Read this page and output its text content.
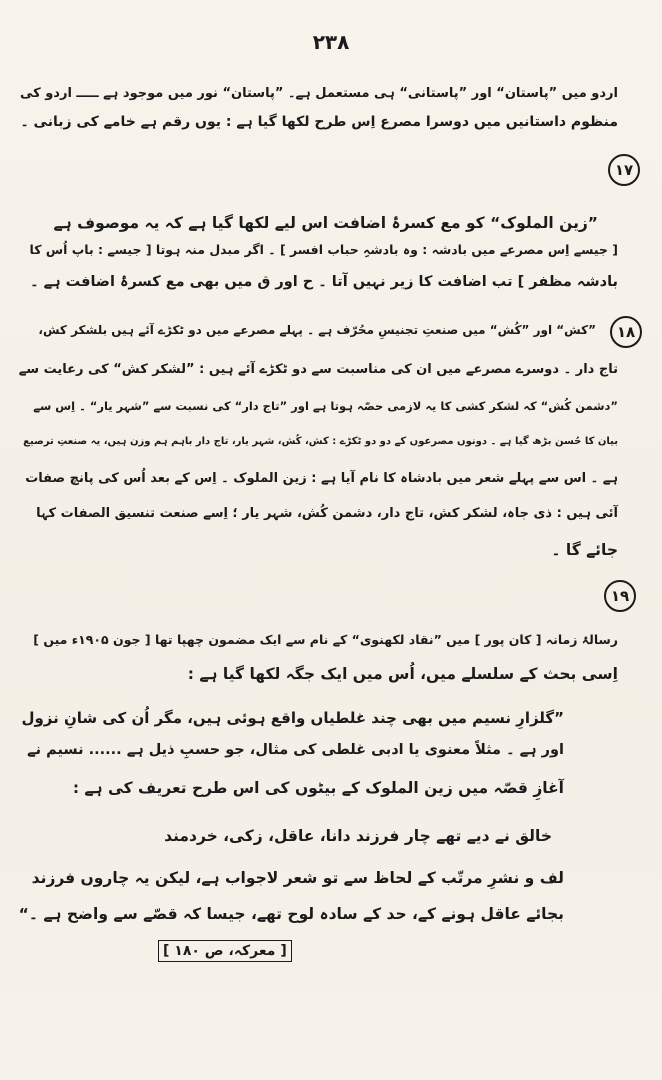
۲۳۸
اردو میں ”پاستان“ اور ”پاستانی“ ہی مستعمل ہے۔ ”پاستان“ نور میں موجود ہے ـــــ اردو کی
منظوم داستانیں میں دوسرا مصرع اِس طرح لکھا گیا ہے : یوں رقم ہے خامے کی زبانی ۔
۱۷
”زین الملوک“ کو مع کسرۂ اضافت اس لیے لکھا گیا ہے کہ یہ موصوف ہے
[ جیسے اِس مصرعے میں بادشہ : وہ بادشہِ حباب افسر ] ۔ اگر مبدل منہ ہوتا [ جیسے : باپ اُس کا
بادشہ مظفر ] تب اضافت کا زیر نہیں آتا ۔ ح اور ق میں بھی مع کسرۂ اضافت ہے ۔
۱۸
”کش“ اور ”کُش“ میں صنعتِ تجنیسِ محُرّف ہے ۔ پہلے مصرعے میں دو ٹکڑے آئے ہیں بلشکر کش،
تاج دار ۔ دوسرے مصرعے میں ان کی مناسبت سے دو ٹکڑے آئے ہیں : ”لشکر کش“ کی رعایت سے
”دشمن کُش“ کہ لشکر کشی کا یہ لازمی حصّہ ہوتا ہے اور ”تاج دار“ کی نسبت سے ”شہر یار“ ۔ اِس سے
بیان کا حُسن بڑھ گیا ہے ۔ دونوں مصرعوں کے دو دو ٹکڑے : کش، کُش، شہر یار، تاج دار باہم ہم وزن ہیں، یہ صنعتِ ترصیع
ہے ۔ اس سے پہلے شعر میں بادشاہ کا نام آیا ہے : زین الملوک ۔ اِس کے بعد اُس کی پانچ صفات
آئی ہیں : ذی جاہ، لشکر کش، تاج دار، دشمن کُش، شہر یار ؛ اِسے صنعت تنسیق الصفات کہا
جائے گا ۔
۱۹
رسالۂ زمانہ [ کان پور ] میں ”نقاد لکھنوی“ کے نام سے ایک مضمون چھپا تھا [ جون ۱۹۰۵ء میں ]
اِسی بحث کے سلسلے میں، اُس میں ایک جگہ لکھا گیا ہے :
”گلزارِ نسیم میں بھی چند غلطیاں واقع ہوئی ہیں، مگر اُن کی شانِ نزول
اور ہے ۔ مثلاً معنوی یا ادبی غلطی کی مثال، جو حسبِ ذیل ہے ...... نسیم نے
آغازِ قصّہ میں زین الملوک کے بیٹوں کی اس طرح تعریف کی ہے :
خالق نے دیے تھے چار فرزند دانا، عاقل، زکی، خردمند
لف و نشرِ مرتّب کے لحاظ سے تو شعر لاجواب ہے، لیکن یہ چاروں فرزند
بجائے عاقل ہونے کے، حد کے سادہ لوح تھے، جیسا کہ قصّے سے واضح ہے ۔“
[ معرکہ، ص ۱۸۰ ]
